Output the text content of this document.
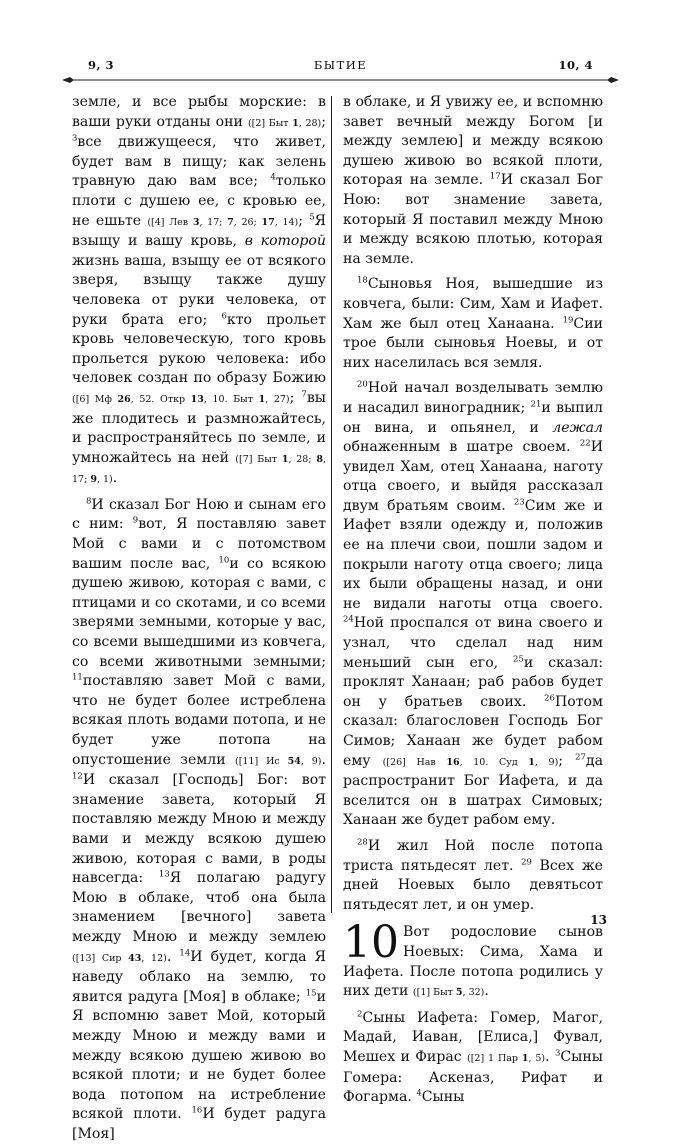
9, 3	БЫТИЕ	10, 4

земле, и все рыбы морские: в ваши руки отданы они ([2] Быт 1, 28); $^3$все движущееся, что живет, будет вам в пищу; как зелень травную даю вам все; $^4$только плоти с душею ее, с кровью ее, не ешьте ([4] Лев 3, 17; 7, 26; 17, 14); $^5$Я взыщу и вашу кровь, в которой жизнь ваша, взыщу ее от всякого зверя, взыщу также душу человека от руки человека, от руки брата его; $^6$кто прольет кровь человеческую, того кровь прольется рукою человека: ибо человек создан по образу Божию ([6] Мф 26, 52. Откр 13, 10. Быт 1, 27); $^7$вы же плодитесь и размножайтесь, и распространяйтесь по земле, и умножайтесь на ней ([7] Быт 1, 28; 8, 17; 9, 1).

$^8$И сказал Бог Ною и сынам его с ним: $^9$вот, Я поставляю завет Мой с вами и с потомством вашим после вас, $^{10}$и со всякою душею живою, которая с вами, с птицами и со скотами, и со всеми зверями земными, которые у вас, со всеми вышедшими из ковчега, со всеми животными земными; $^{11}$поставляю завет Мой с вами, что не будет более истреблена всякая плоть водами потопа, и не будет уже потопа на опустошение земли ([11] Ис 54, 9). $^{12}$И сказал [Господь] Бог: вот знамение завета, который Я поставляю между Мною и между вами и между всякою душею живою, которая с вами, в роды навсегда: $^{13}$Я полагаю радугу Мою в облаке, чтоб она была знамением [вечного] завета между Мною и между землею ([13] Сир 43, 12). $^{14}$И будет, когда Я наведу облако на землю, то явится радуга [Моя] в облаке; $^{15}$и Я вспомню завет Мой, который между Мною и между вами и между всякою душею живою во всякой плоти; и не будет более вода потопом на истребление всякой плоти. $^{16}$И будет радуга [Моя]

в облаке, и Я увижу ее, и вспомню завет вечный между Богом [и между землею] и между всякою душею живою во всякой плоти, которая на земле. $^{17}$И сказал Бог Ною: вот знамение завета, который Я поставил между Мною и между всякою плотью, которая на земле.

$^{18}$Сыновья Ноя, вышедшие из ковчега, были: Сим, Хам и Иафет. Хам же был отец Ханаана. $^{19}$Сии трое были сыновья Ноевы, и от них населилась вся земля.

$^{20}$Ной начал возделывать землю и насадил виноградник; $^{21}$и выпил он вина, и опьянел, и лежал обнаженным в шатре своем. $^{22}$И увидел Хам, отец Ханаана, наготу отца своего, и выйдя рассказал двум братьям своим. $^{23}$Сим же и Иафет взяли одежду и, положив ее на плечи свои, пошли задом и покрыли наготу отца своего; лица их были обращены назад, и они не видали наготы отца своего. $^{24}$Ной проспался от вина своего и узнал, что сделал над ним меньший сын его, $^{25}$и сказал: проклят Ханаан; раб рабов будет он у братьев своих. $^{26}$Потом сказал: благословен Господь Бог Симов; Ханаан же будет рабом ему ([26] Нав 16, 10. Суд 1, 9); $^{27}$да распространит Бог Иафета, и да вселится он в шатрах Симовых; Ханаан же будет рабом ему.

$^{28}$И жил Ной после потопа триста пятьдесят лет. $^{29}$ Всех же дней Ноевых было девятьсот пятьдесят лет, и он умер.

10 Вот родословие сынов Ноевых: Сима, Хама и Иафета. После потопа родились у них дети ([1] Быт 5, 32).

$^2$Сыны Иафета: Гомер, Магог, Мадай, Иаван, [Елиса,] Фувал, Мешех и Фирас ([2] 1 Пар 1, 5). $^3$Сыны Гомера: Аскеназ, Рифат и Фогарма. $^4$Сыны

13
